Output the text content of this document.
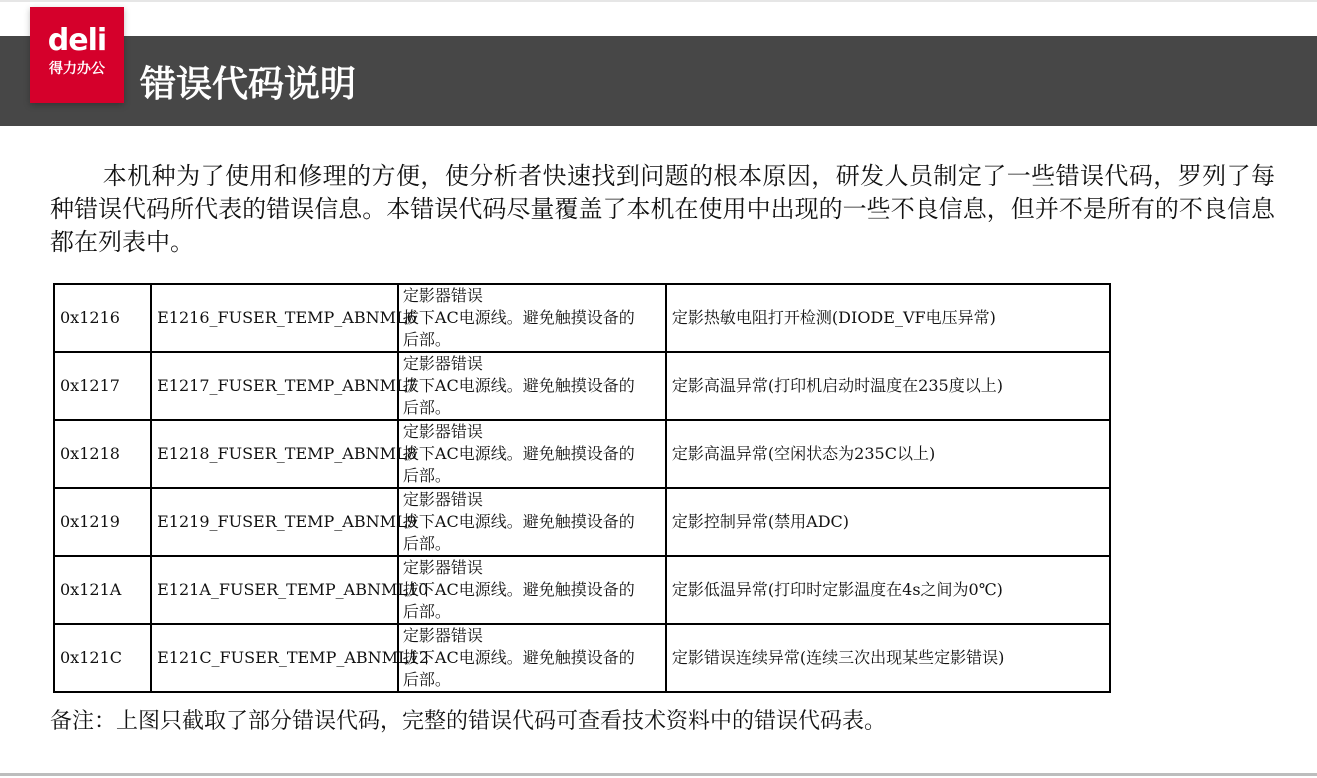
错误代码说明
deli
得力办公

本机种为了使用和修理的方便，使分析者快速找到问题的根本原因，研发人员制定了一些错误代码，罗列了每种错误代码所代表的错误信息。本错误代码尽量覆盖了本机在使用中出现的一些不良信息，但并不是所有的不良信息都在列表中。

0x1216	E1216_FUSER_TEMP_ABNML6	定影器错误
拔下AC电源线。避免触摸设备的
后部。	定影热敏电阻打开检测(DIODE_VF电压异常)
0x1217	E1217_FUSER_TEMP_ABNML7	定影器错误
拔下AC电源线。避免触摸设备的
后部。	定影高温异常(打印机启动时温度在235度以上)
0x1218	E1218_FUSER_TEMP_ABNML8	定影器错误
拔下AC电源线。避免触摸设备的
后部。	定影高温异常(空闲状态为235C以上)
0x1219	E1219_FUSER_TEMP_ABNML9	定影器错误
拔下AC电源线。避免触摸设备的
后部。	定影控制异常(禁用ADC)
0x121A	E121A_FUSER_TEMP_ABNML10	定影器错误
拔下AC电源线。避免触摸设备的
后部。	定影低温异常(打印时定影温度在4s之间为0℃)
0x121C	E121C_FUSER_TEMP_ABNML12	定影器错误
拔下AC电源线。避免触摸设备的
后部。	定影错误连续异常(连续三次出现某些定影错误)

备注：上图只截取了部分错误代码，完整的错误代码可查看技术资料中的错误代码表。
